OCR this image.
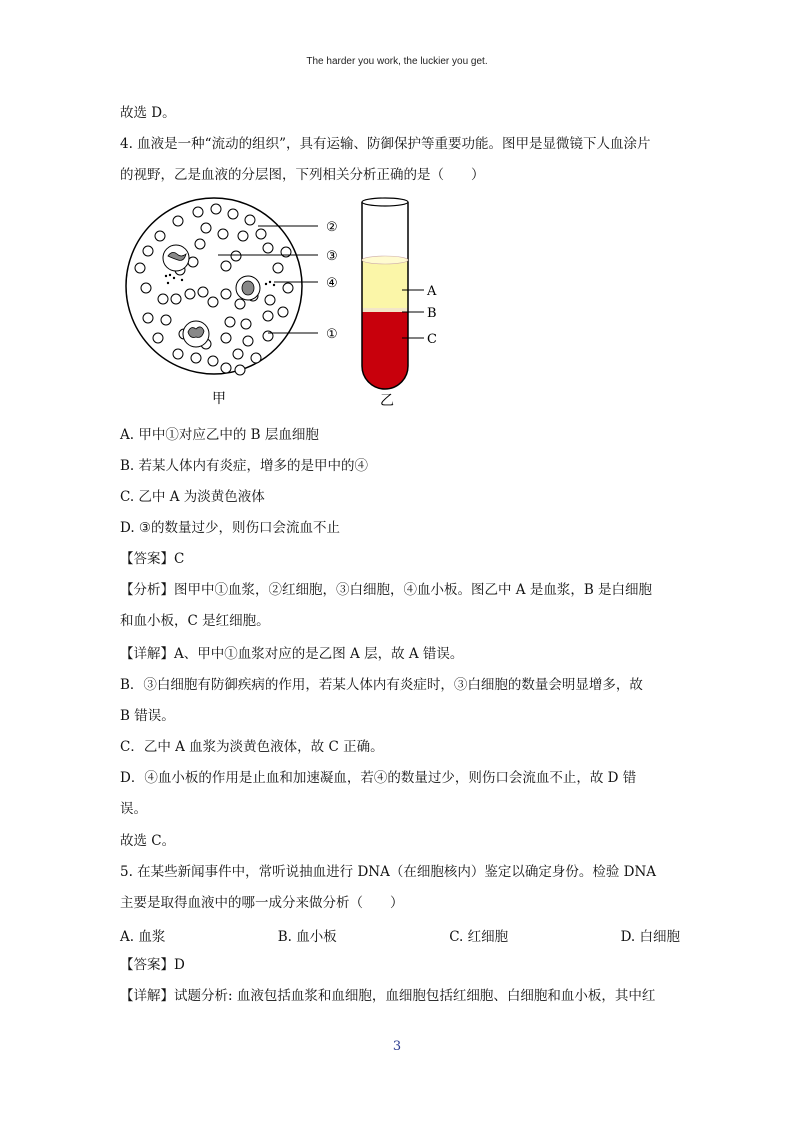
The harder you work, the luckier you get.
故选 D。
4. 血液是一种“流动的组织”，具有运输、防御保护等重要功能。图甲是显微镜下人血涂片
的视野，乙是血液的分层图，下列相关分析正确的是（　　）
②
③
④
①
甲
A
B
C
乙
A. 甲中①对应乙中的 B 层血细胞
B. 若某人体内有炎症，增多的是甲中的④
C. 乙中 A 为淡黄色液体
D. ③的数量过少，则伤口会流血不止
【答案】C
【分析】图甲中①血浆，②红细胞，③白细胞，④血小板。图乙中 A 是血浆，B 是白细胞
和血小板，C 是红细胞。
【详解】A、甲中①血浆对应的是乙图 A 层，故 A 错误。
B．③白细胞有防御疾病的作用，若某人体内有炎症时，③白细胞的数量会明显增多，故
B 错误。
C．乙中 A 血浆为淡黄色液体，故 C 正确。
D．④血小板的作用是止血和加速凝血，若④的数量过少，则伤口会流血不止，故 D 错
误。
故选 C。
5. 在某些新闻事件中，常听说抽血进行 DNA（在细胞核内）鉴定以确定身份。检验 DNA
主要是取得血液中的哪一成分来做分析（　　）
A. 血浆	B. 血小板	C. 红细胞	D. 白细胞
【答案】D
【详解】试题分析: 血液包括血浆和血细胞，血细胞包括红细胞、白细胞和血小板，其中红
3
